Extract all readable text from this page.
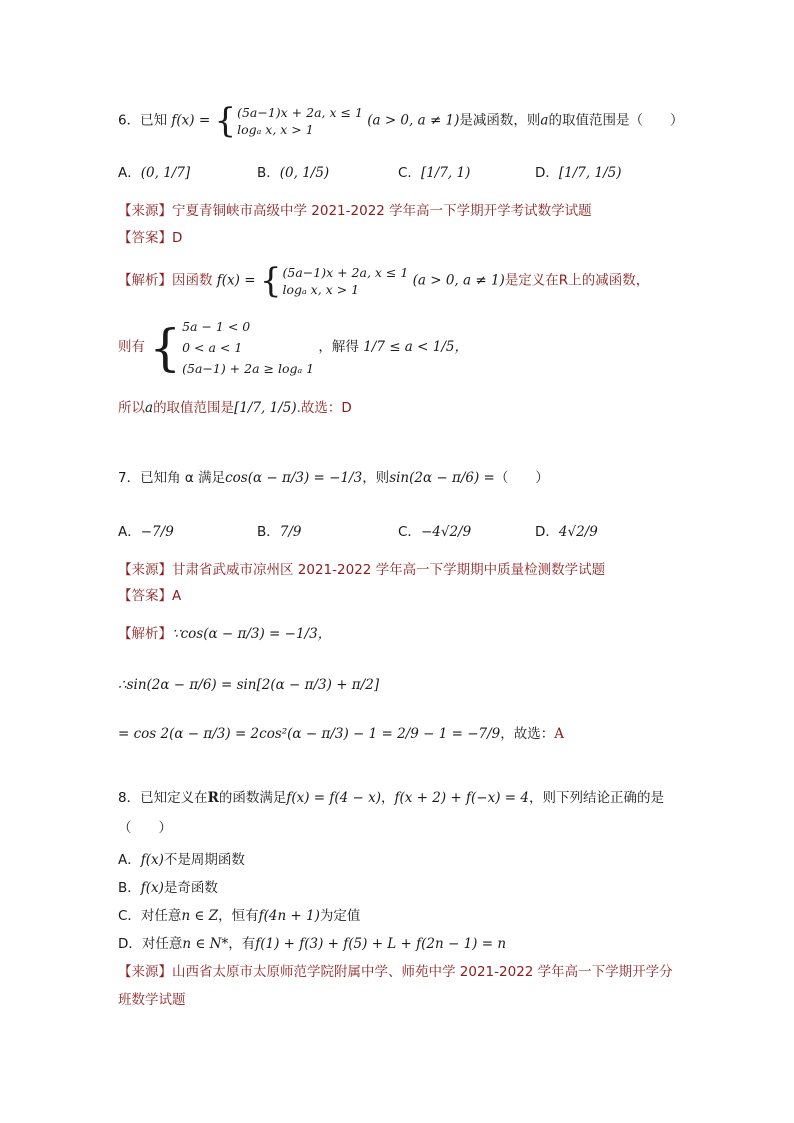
6．已知 f(x) = { (5a−1)x + 2a, x ≤ 1
logₐ x, x > 1
(a > 0, a ≠ 1)是减函数，则a的取值范围是（　　）
A．(0, 1/7]	B．(0, 1/5)	C．[1/7, 1)	D．[1/7, 1/5)
【来源】宁夏青铜峡市高级中学 2021-2022 学年高一下学期开学考试数学试题
【答案】D
【解析】因函数 f(x) = { (5a−1)x + 2a, x ≤ 1
logₐ x, x > 1
(a > 0, a ≠ 1)是定义在R上的减函数，
则有 { 5a − 1 < 0
0 < a < 1
(5a−1) + 2a ≥ logₐ 1
，解得 1/7 ≤ a < 1/5，
所以a的取值范围是[1/7, 1/5).故选：D
7．已知角 α 满足cos(α − π/3) = −1/3，则sin(2α − π/6) =（　　）
A．−7/9	B．7/9	C．−4√2/9	D．4√2/9
【来源】甘肃省武威市凉州区 2021-2022 学年高一下学期期中质量检测数学试题
【答案】A
【解析】∵cos(α − π/3) = −1/3，
∴sin(2α − π/6) = sin[2(α − π/3) + π/2]
= cos 2(α − π/3) = 2cos²(α − π/3) − 1 = 2/9 − 1 = −7/9，故选：A
8．已知定义在R的函数满足f(x) = f(4 − x)，f(x + 2) + f(−x) = 4，则下列结论正确的是
（　　）
A．f(x)不是周期函数
B．f(x)是奇函数
C．对任意n ∈ Z，恒有f(4n + 1)为定值
D．对任意n ∈ N*，有f(1) + f(3) + f(5) + L + f(2n − 1) = n
【来源】山西省太原市太原师范学院附属中学、师苑中学 2021-2022 学年高一下学期开学分
班数学试题
